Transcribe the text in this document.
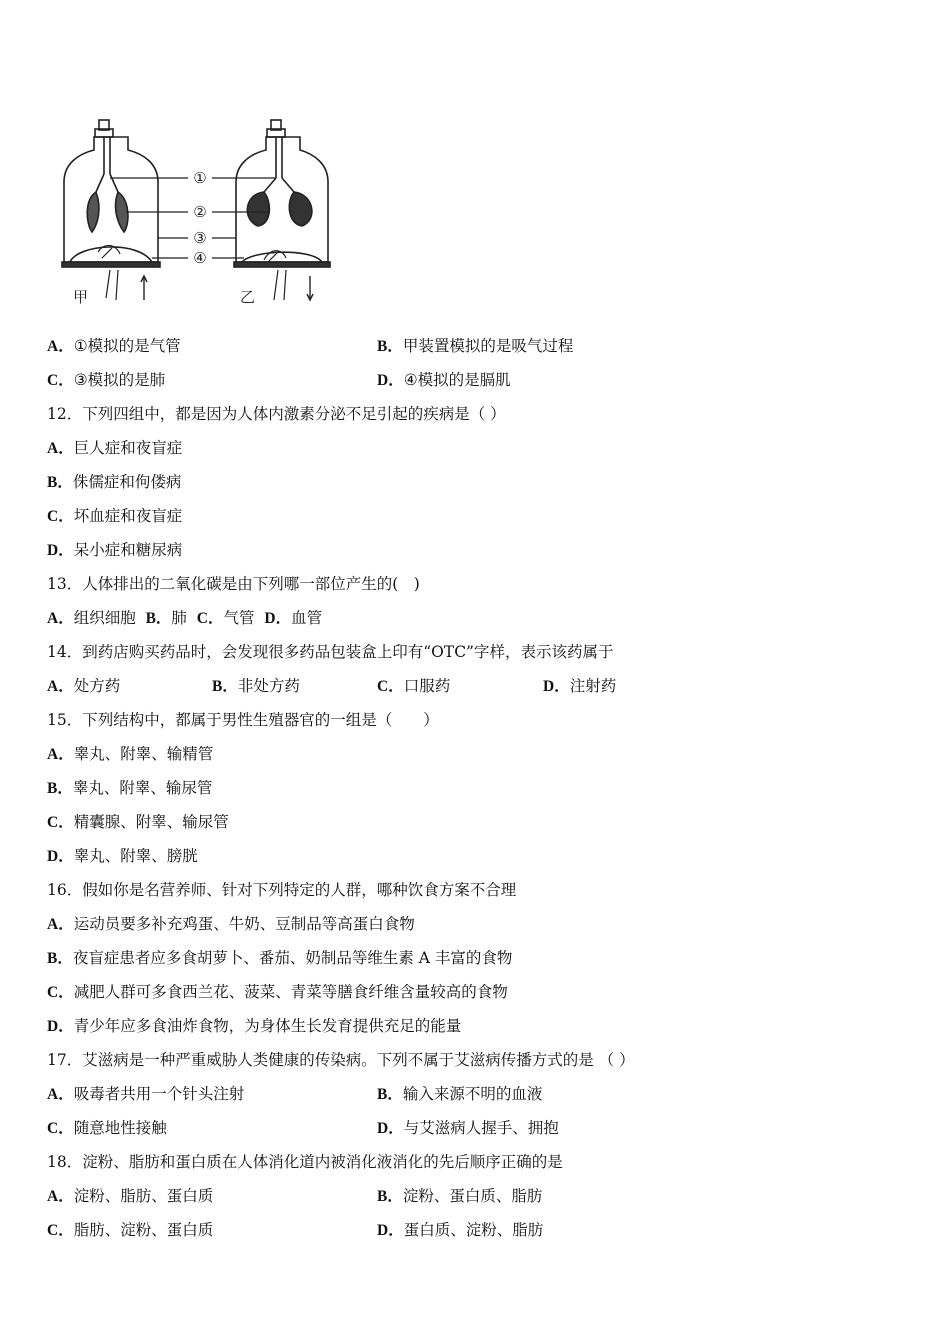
①
②
③
④
甲	乙
A．①模拟的是气管	B．甲装置模拟的是吸气过程
C．③模拟的是肺	D．④模拟的是膈肌
12．下列四组中，都是因为人体内激素分泌不足引起的疾病是（ ）
A．巨人症和夜盲症
B．侏儒症和佝偻病
C．坏血症和夜盲症
D．呆小症和糖尿病
13．人体排出的二氧化碳是由下列哪一部位产生的(　)
A．组织细胞 B．肺 C．气管 D．血管
14．到药店购买药品时，会发现很多药品包装盒上印有“OTC”字样，表示该药属于
A．处方药	B．非处方药	C．口服药	D．注射药
15．下列结构中，都属于男性生殖器官的一组是（　　）
A．睾丸、附睾、输精管
B．睾丸、附睾、输尿管
C．精囊腺、附睾、输尿管
D．睾丸、附睾、膀胱
16．假如你是名营养师、针对下列特定的人群，哪种饮食方案不合理
A．运动员要多补充鸡蛋、牛奶、豆制品等高蛋白食物
B．夜盲症患者应多食胡萝卜、番茄、奶制品等维生素 A 丰富的食物
C．减肥人群可多食西兰花、菠菜、青菜等膳食纤维含量较高的食物
D．青少年应多食油炸食物，为身体生长发育提供充足的能量
17．艾滋病是一种严重威胁人类健康的传染病。下列不属于艾滋病传播方式的是 （ ）
A．吸毒者共用一个针头注射	B．输入来源不明的血液
C．随意地性接触	D．与艾滋病人握手、拥抱
18．淀粉、脂肪和蛋白质在人体消化道内被消化液消化的先后顺序正确的是
A．淀粉、脂肪、蛋白质	B．淀粉、蛋白质、脂肪
C．脂肪、淀粉、蛋白质	D．蛋白质、淀粉、脂肪
